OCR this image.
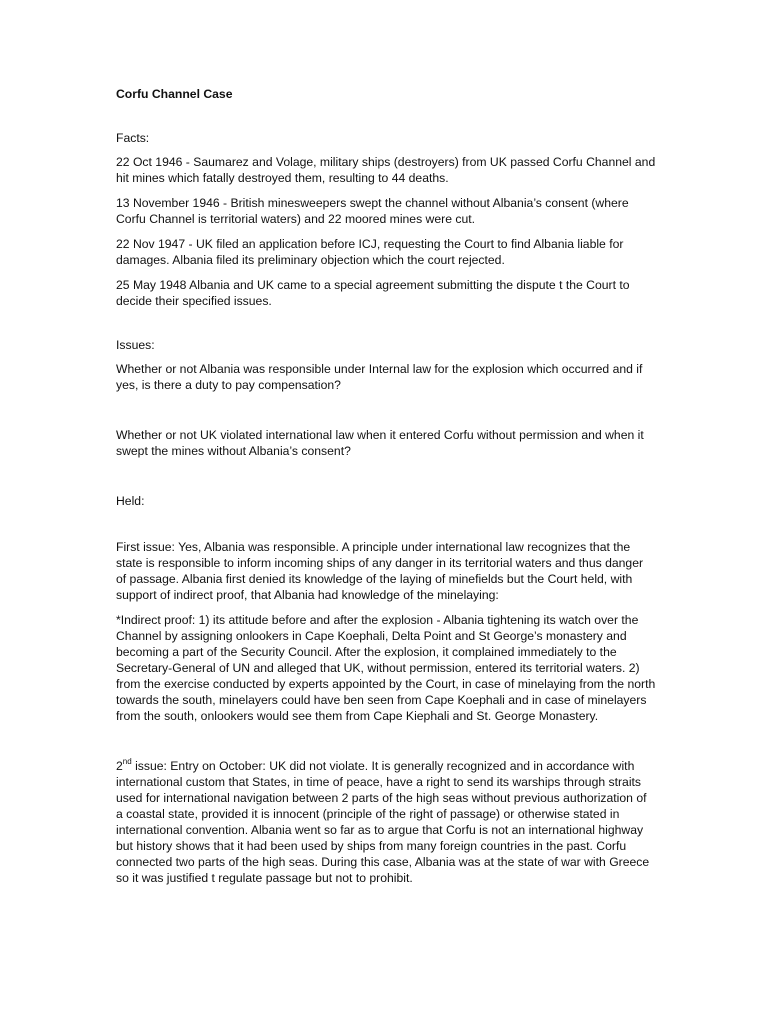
Corfu Channel Case
Facts:

22 Oct 1946 - Saumarez and Volage, military ships (destroyers) from UK passed Corfu Channel and hit mines which fatally destroyed them, resulting to 44 deaths.

13 November 1946 - British minesweepers swept the channel without Albania’s consent (where Corfu Channel is territorial waters) and 22 moored mines were cut.

22 Nov 1947 - UK filed an application before ICJ, requesting the Court to find Albania liable for damages. Albania filed its preliminary objection which the court rejected.

25 May 1948 Albania and UK came to a special agreement submitting the dispute t the Court to decide their specified issues.

Issues:

Whether or not Albania was responsible under Internal law for the explosion which occurred and if yes, is there a duty to pay compensation?

Whether or not UK violated international law when it entered Corfu without permission and when it swept the mines without Albania’s consent?

Held:

First issue: Yes, Albania was responsible. A principle under international law recognizes that the state is responsible to inform incoming ships of any danger in its territorial waters and thus danger of passage. Albania first denied its knowledge of the laying of minefields but the Court held, with support of indirect proof, that Albania had knowledge of the minelaying:

*Indirect proof: 1) its attitude before and after the explosion - Albania tightening its watch over the Channel by assigning onlookers in Cape Koephali, Delta Point and St George’s monastery and becoming a part of the Security Council. After the explosion, it complained immediately to the Secretary-General of UN and alleged that UK, without permission, entered its territorial waters. 2) from the exercise conducted by experts appointed by the Court, in case of minelaying from the north towards the south, minelayers could have ben seen from Cape Koephali and in case of minelayers from the south, onlookers would see them from Cape Kiephali and St. George Monastery.

2nd issue: Entry on October: UK did not violate. It is generally recognized and in accordance with international custom that States, in time of peace, have a right to send its warships through straits used for international navigation between 2 parts of the high seas without previous authorization of a coastal state, provided it is innocent (principle of the right of passage) or otherwise stated in international convention. Albania went so far as to argue that Corfu is not an international highway but history shows that it had been used by ships from many foreign countries in the past. Corfu connected two parts of the high seas. During this case, Albania was at the state of war with Greece so it was justified t regulate passage but not to prohibit.
